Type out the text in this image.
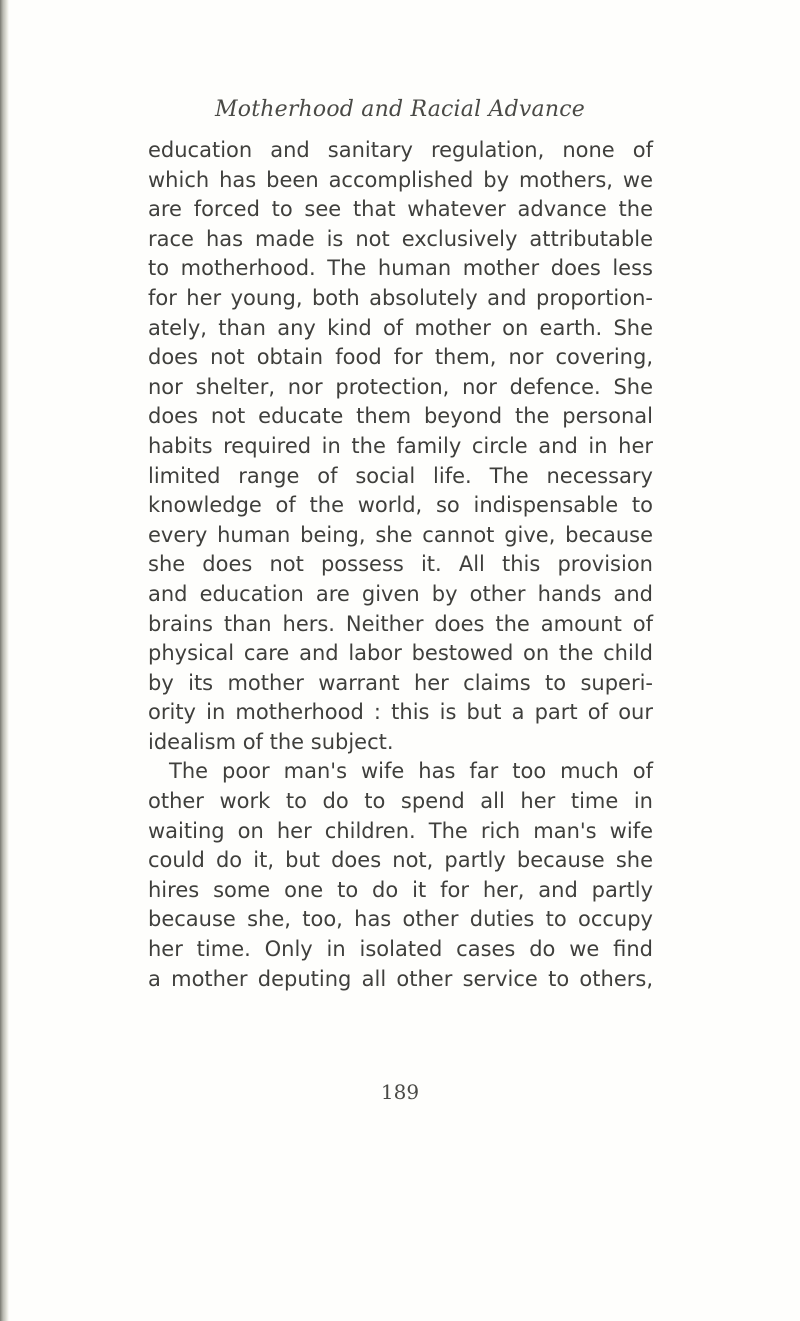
Motherhood and Racial Advance
education and sanitary regulation, none of
which has been accomplished by mothers, we
are forced to see that whatever advance the
race has made is not exclusively attributable
to motherhood. The human mother does less
for her young, both absolutely and proportion-
ately, than any kind of mother on earth. She
does not obtain food for them, nor covering,
nor shelter, nor protection, nor defence. She
does not educate them beyond the personal
habits required in the family circle and in her
limited range of social life. The necessary
knowledge of the world, so indispensable to
every human being, she cannot give, because
she does not possess it. All this provision
and education are given by other hands and
brains than hers. Neither does the amount of
physical care and labor bestowed on the child
by its mother warrant her claims to superi-
ority in motherhood : this is but a part of our
idealism of the subject.
The poor man's wife has far too much of
other work to do to spend all her time in
waiting on her children. The rich man's wife
could do it, but does not, partly because she
hires some one to do it for her, and partly
because she, too, has other duties to occupy
her time. Only in isolated cases do we find
a mother deputing all other service to others,
189
